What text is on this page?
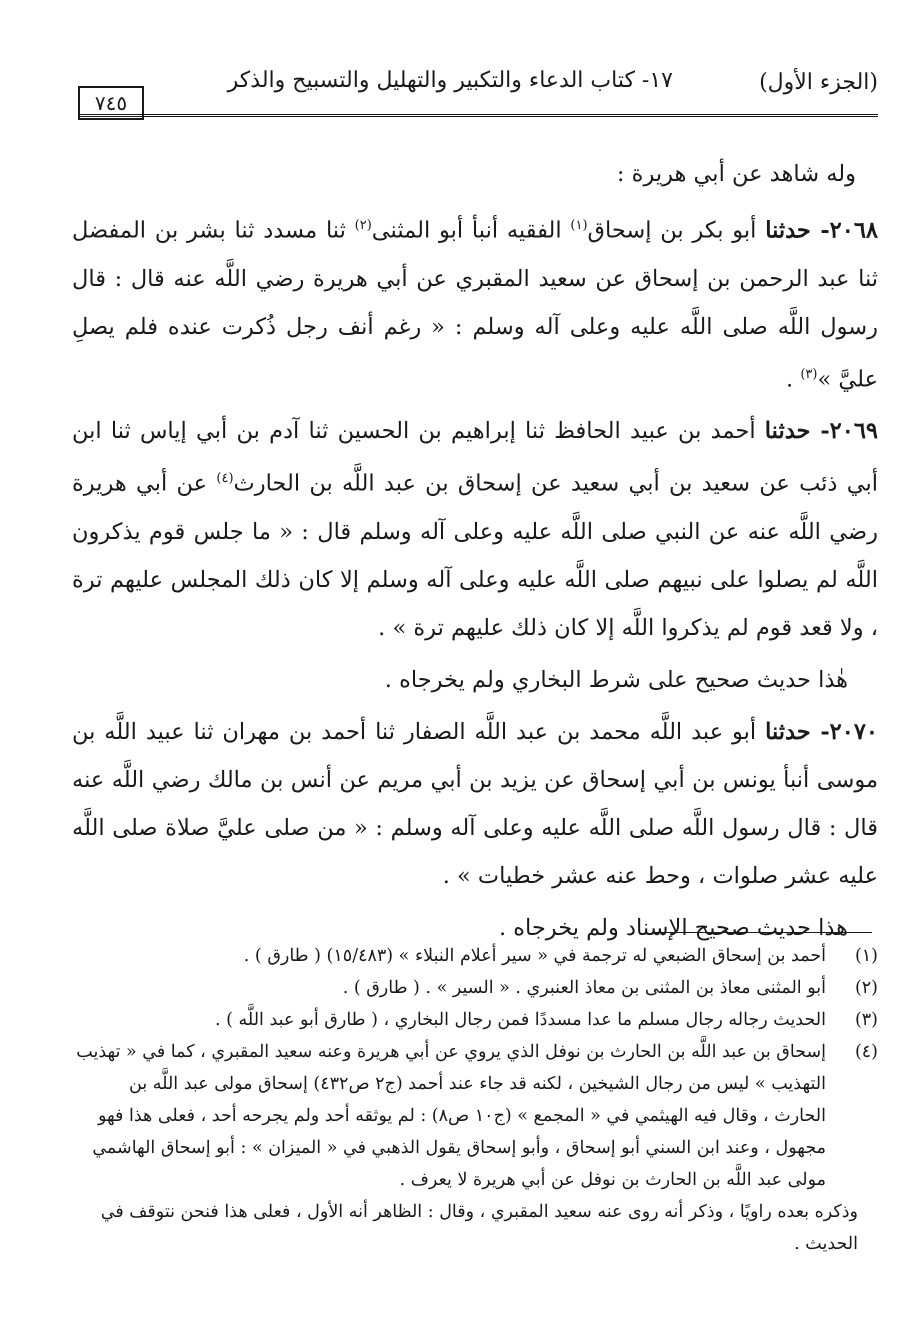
(الجزء الأول)
١٧- كتاب الدعاء والتكبير والتهليل والتسبيح والذكر
٧٤٥

وله شاهد عن أبي هريرة :

٢٠٦٨- حدثنا أبو بكر بن إسحاق$^{(١)}$ الفقيه أنبأ أبو المثنى$^{(٢)}$ ثنا مسدد ثنا بشر بن المفضل ثنا عبد الرحمن بن إسحاق عن سعيد المقبري عن أبي هريرة رضي اللَّه عنه قال : قال رسول اللَّه صلى اللَّه عليه وعلى آله وسلم : « رغم أنف رجل ذُكرت عنده فلم يصلِ عليَّ »$^{(٣)}$ .

٢٠٦٩- حدثنا أحمد بن عبيد الحافظ ثنا إبراهيم بن الحسين ثنا آدم بن أبي إياس ثنا ابن أبي ذئب عن سعيد بن أبي سعيد عن إسحاق بن عبد اللَّه بن الحارث$^{(٤)}$ عن أبي هريرة رضي اللَّه عنه عن النبي صلى اللَّه عليه وعلى آله وسلم قال : « ما جلس قوم يذكرون اللَّه لم يصلوا على نبيهم صلى اللَّه عليه وعلى آله وسلم إلا كان ذلك المجلس عليهم ترة ، ولا قعد قوم لم يذكروا اللَّه إلا كان ذلك عليهم ترة » .

هٰذا حديث صحيح على شرط البخاري ولم يخرجاه .

٢٠٧٠- حدثنا أبو عبد اللَّه محمد بن عبد اللَّه الصفار ثنا أحمد بن مهران ثنا عبيد اللَّه بن موسى أنبأ يونس بن أبي إسحاق عن يزيد بن أبي مريم عن أنس بن مالك رضي اللَّه عنه قال : قال رسول اللَّه صلى اللَّه عليه وعلى آله وسلم : « من صلى عليَّ صلاة صلى اللَّه عليه عشر صلوات ، وحط عنه عشر خطيات » .

هذا حديث صحيح الإسناد ولم يخرجاه .

(١)
أحمد بن إسحاق الضبعي له ترجمة في « سير أعلام النبلاء » (١٥/٤٨٣) ( طارق ) .

(٢)
أبو المثنى معاذ بن المثنى بن معاذ العنبري . « السير » . ( طارق ) .

(٣)
الحديث رجاله رجال مسلم ما عدا مسددًا فمن رجال البخاري ، ( طارق أبو عبد اللَّه ) .

(٤)
إسحاق بن عبد اللَّه بن الحارث بن نوفل الذي يروي عن أبي هريرة وعنه سعيد المقبري ، كما في « تهذيب التهذيب » ليس من رجال الشيخين ، لكنه قد جاء عند أحمد (ج٢ ص٤٣٢) إسحاق مولى عبد اللَّه بن الحارث ، وقال فيه الهيثمي في « المجمع » (ج١٠ ص٨) : لم يوثقه أحد ولم يجرحه أحد ، فعلى هذا فهو مجهول ، وعند ابن السني أبو إسحاق ، وأبو إسحاق يقول الذهبي في « الميزان » : أبو إسحاق الهاشمي مولى عبد اللَّه بن الحارث بن نوفل عن أبي هريرة لا يعرف .

وذكره بعده راويًا ، وذكر أنه روى عنه سعيد المقبري ، وقال : الظاهر أنه الأول ، فعلى هذا فنحن نتوقف في الحديث .
